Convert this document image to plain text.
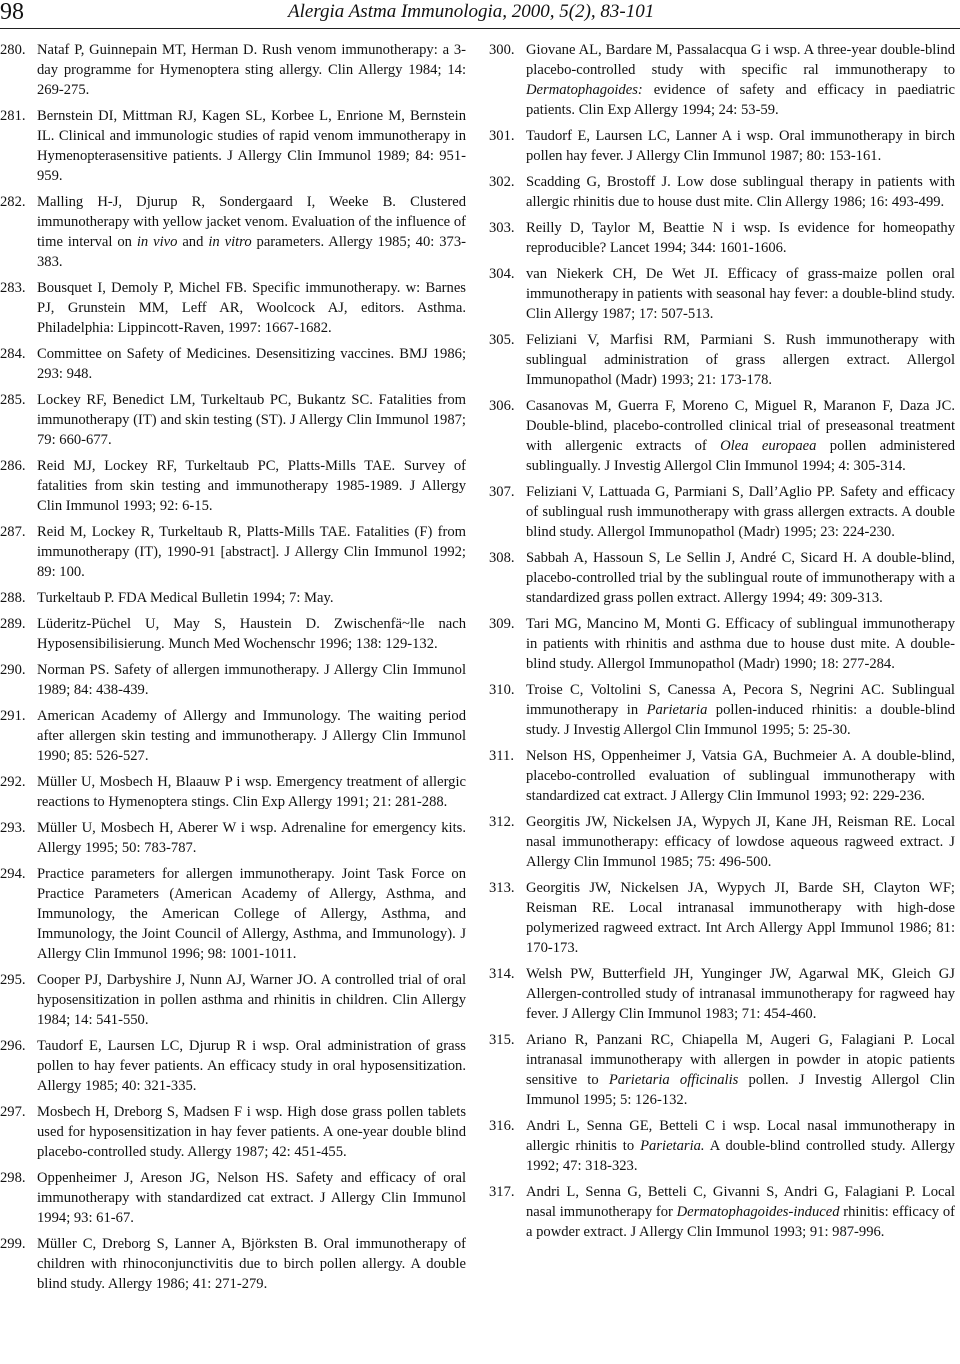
98	Alergia Astma Immunologia, 2000, 5(2), 83-101
280. Nataf P, Guinnepain MT, Herman D. Rush venom immunotherapy: a 3-day programme for Hymenoptera sting allergy. Clin Allergy 1984; 14: 269-275.
281. Bernstein DI, Mittman RJ, Kagen SL, Korbee L, Enrione M, Bernstein IL. Clinical and immunologic studies of rapid venom immunotherapy in Hymenopterasensitive patients. J Allergy Clin Immunol 1989; 84: 951-959.
282. Malling H-J, Djurup R, Sondergaard I, Weeke B. Clustered immunotherapy with yellow jacket venom. Evaluation of the influence of time interval on in vivo and in vitro parameters. Allergy 1985; 40: 373-383.
283. Bousquet I, Demoly P, Michel FB. Specific immunotherapy. w: Barnes PJ, Grunstein MM, Leff AR, Woolcock AJ, editors. Asthma. Philadelphia: Lippincott-Raven, 1997: 1667-1682.
284. Committee on Safety of Medicines. Desensitizing vaccines. BMJ 1986; 293: 948.
285. Lockey RF, Benedict LM, Turkeltaub PC, Bukantz SC. Fatalities from immunotherapy (IT) and skin testing (ST). J Allergy Clin Immunol 1987; 79: 660-677.
286. Reid MJ, Lockey RF, Turkeltaub PC, Platts-Mills TAE. Survey of fatalities from skin testing and immunotherapy 1985-1989. J Allergy Clin Immunol 1993; 92: 6-15.
287. Reid M, Lockey R, Turkeltaub R, Platts-Mills TAE. Fatalities (F) from immunotherapy (IT), 1990-91 [abstract]. J Allergy Clin Immunol 1992; 89: 100.
288. Turkeltaub P. FDA Medical Bulletin 1994; 7: May.
289. Lüderitz-Püchel U, May S, Haustein D. Zwischenfä~lle nach Hyposensibilisierung. Munch Med Wochenschr 1996; 138: 129-132.
290. Norman PS. Safety of allergen immunotherapy. J Allergy Clin Immunol 1989; 84: 438-439.
291. American Academy of Allergy and Immunology. The waiting period after allergen skin testing and immunotherapy. J Allergy Clin Immunol 1990; 85: 526-527.
292. Müller U, Mosbech H, Blaauw P i wsp. Emergency treatment of allergic reactions to Hymenoptera stings. Clin Exp Allergy 1991; 21: 281-288.
293. Müller U, Mosbech H, Aberer W i wsp. Adrenaline for emergency kits. Allergy 1995; 50: 783-787.
294. Practice parameters for allergen immunotherapy. Joint Task Force on Practice Parameters (American Academy of Allergy, Asthma, and Immunology, the American College of Allergy, Asthma, and Immunology, the Joint Council of Allergy, Asthma, and Immunology). J Allergy Clin Immunol 1996; 98: 1001-1011.
295. Cooper PJ, Darbyshire J, Nunn AJ, Warner JO. A controlled trial of oral hyposensitization in pollen asthma and rhinitis in children. Clin Allergy 1984; 14: 541-550.
296. Taudorf E, Laursen LC, Djurup R i wsp. Oral administration of grass pollen to hay fever patients. An efficacy study in oral hyposensitization. Allergy 1985; 40: 321-335.
297. Mosbech H, Dreborg S, Madsen F i wsp. High dose grass pollen tablets used for hyposensitization in hay fever patients. A one-year double blind placebo-controlled study. Allergy 1987; 42: 451-455.
298. Oppenheimer J, Areson JG, Nelson HS. Safety and efficacy of oral immunotherapy with standardized cat extract. J Allergy Clin Immunol 1994; 93: 61-67.
299. Müller C, Dreborg S, Lanner A, Björksten B. Oral immunotherapy of children with rhinoconjunctivitis due to birch pollen allergy. A double blind study. Allergy 1986; 41: 271-279.
300. Giovane AL, Bardare M, Passalacqua G i wsp. A three-year double-blind placebo-controlled study with specific ral immunotherapy to Dermatophagoides: evidence of safety and efficacy in paediatric patients. Clin Exp Allergy 1994; 24: 53-59.
301. Taudorf E, Laursen LC, Lanner A i wsp. Oral immunotherapy in birch pollen hay fever. J Allergy Clin Immunol 1987; 80: 153-161.
302. Scadding G, Brostoff J. Low dose sublingual therapy in patients with allergic rhinitis due to house dust mite. Clin Allergy 1986; 16: 493-499.
303. Reilly D, Taylor M, Beattie N i wsp. Is evidence for homeopathy reproducible? Lancet 1994; 344: 1601-1606.
304. van Niekerk CH, De Wet JI. Efficacy of grass-maize pollen oral immunotherapy in patients with seasonal hay fever: a double-blind study. Clin Allergy 1987; 17: 507-513.
305. Feliziani V, Marfisi RM, Parmiani S. Rush immunotherapy with sublingual administration of grass allergen extract. Allergol Immunopathol (Madr) 1993; 21: 173-178.
306. Casanovas M, Guerra F, Moreno C, Miguel R, Maranon F, Daza JC. Double-blind, placebo-controlled clinical trial of preseasonal treatment with allergenic extracts of Olea europaea pollen administered sublingually. J Investig Allergol Clin Immunol 1994; 4: 305-314.
307. Feliziani V, Lattuada G, Parmiani S, Dall’Aglio PP. Safety and efficacy of sublingual rush immunotherapy with grass allergen extracts. A double blind study. Allergol Immunopathol (Madr) 1995; 23: 224-230.
308. Sabbah A, Hassoun S, Le Sellin J, André C, Sicard H. A double-blind, placebo-controlled trial by the sublingual route of immunotherapy with a standardized grass pollen extract. Allergy 1994; 49: 309-313.
309. Tari MG, Mancino M, Monti G. Efficacy of sublingual immunotherapy in patients with rhinitis and asthma due to house dust mite. A double-blind study. Allergol Immunopathol (Madr) 1990; 18: 277-284.
310. Troise C, Voltolini S, Canessa A, Pecora S, Negrini AC. Sublingual immunotherapy in Parietaria pollen-induced rhinitis: a double-blind study. J Investig Allergol Clin Immunol 1995; 5: 25-30.
311. Nelson HS, Oppenheimer J, Vatsia GA, Buchmeier A. A double-blind, placebo-controlled evaluation of sublingual immunotherapy with standardized cat extract. J Allergy Clin Immunol 1993; 92: 229-236.
312. Georgitis JW, Nickelsen JA, Wypych JI, Kane JH, Reisman RE. Local nasal immunotherapy: efficacy of lowdose aqueous ragweed extract. J Allergy Clin Immunol 1985; 75: 496-500.
313. Georgitis JW, Nickelsen JA, Wypych JI, Barde SH, Clayton WF; Reisman RE. Local intranasal immunotherapy with high-dose polymerized ragweed extract. Int Arch Allergy Appl Immunol 1986; 81: 170-173.
314. Welsh PW, Butterfield JH, Yunginger JW, Agarwal MK, Gleich GJ Allergen-controlled study of intranasal immunotherapy for ragweed hay fever. J Allergy Clin Immunol 1983; 71: 454-460.
315. Ariano R, Panzani RC, Chiapella M, Augeri G, Falagiani P. Local intranasal immunotherapy with allergen in powder in atopic patients sensitive to Parietaria officinalis pollen. J Investig Allergol Clin Immunol 1995; 5: 126-132.
316. Andri L, Senna GE, Betteli C i wsp. Local nasal immunotherapy in allergic rhinitis to Parietaria. A double-blind controlled study. Allergy 1992; 47: 318-323.
317. Andri L, Senna G, Betteli C, Givanni S, Andri G, Falagiani P. Local nasal immunotherapy for Dermatophagoides-induced rhinitis: efficacy of a powder extract. J Allergy Clin Immunol 1993; 91: 987-996.
